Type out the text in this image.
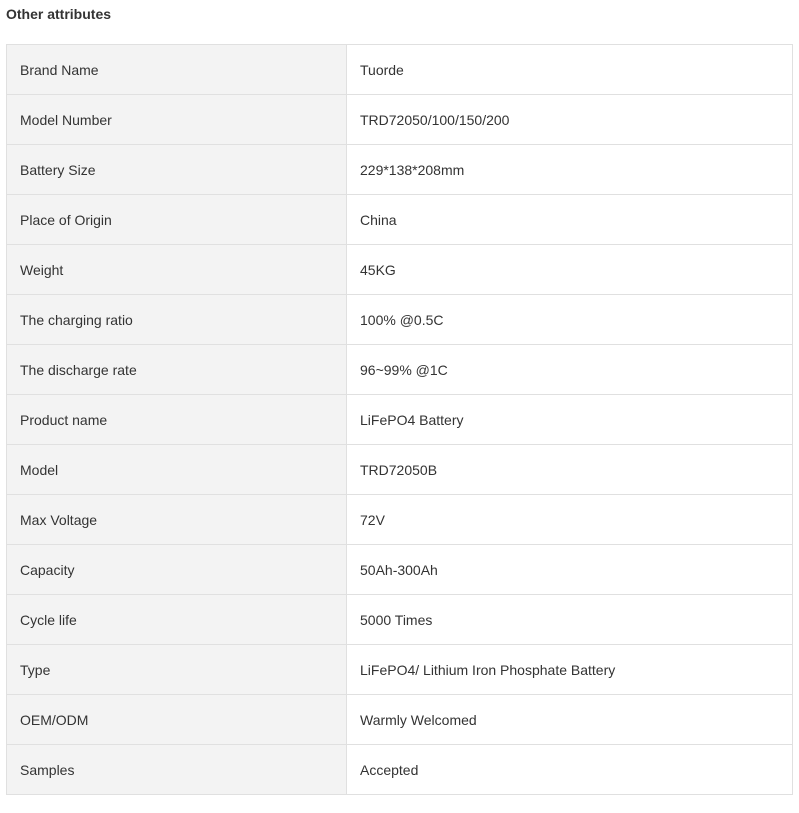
Other attributes
Brand Name	Tuorde
Model Number	TRD72050/100/150/200
Battery Size	229*138*208mm
Place of Origin	China
Weight	45KG
The charging ratio	100% @0.5C
The discharge rate	96~99% @1C
Product name	LiFePO4 Battery
Model	TRD72050B
Max Voltage	72V
Capacity	50Ah-300Ah
Cycle life	5000 Times
Type	LiFePO4/ Lithium Iron Phosphate Battery
OEM/ODM	Warmly Welcomed
Samples	Accepted
